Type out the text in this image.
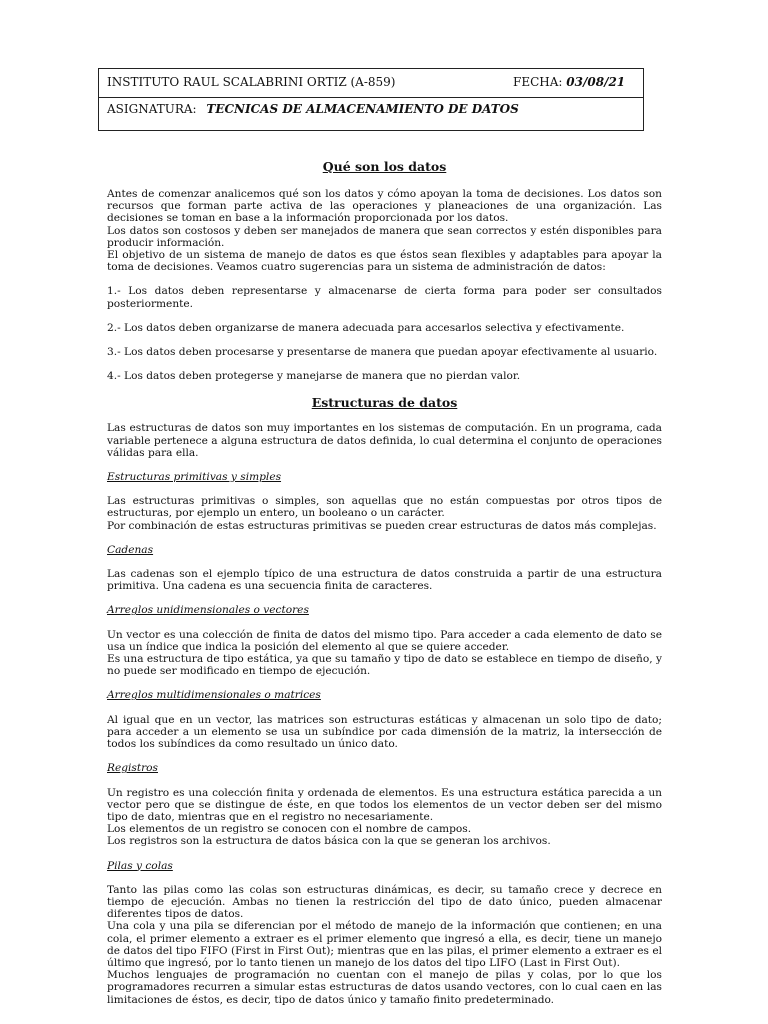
INSTITUTO RAUL SCALABRINI ORTIZ (A-859)	FECHA: 03/08/21
ASIGNATURA: TECNICAS DE ALMACENAMIENTO DE DATOS
Qué son los datos

Antes de comenzar analicemos qué son los datos y cómo apoyan la toma de decisiones. Los datos son recursos que forman parte activa de las operaciones y planeaciones de una organización. Las decisiones se toman en base a la información proporcionada por los datos.

Los datos son costosos y deben ser manejados de manera que sean correctos y estén disponibles para producir información.

El objetivo de un sistema de manejo de datos es que éstos sean flexibles y adaptables para apoyar la toma de decisiones. Veamos cuatro sugerencias para un sistema de administración de datos:

1.- Los datos deben representarse y almacenarse de cierta forma para poder ser consultados posteriormente.

2.- Los datos deben organizarse de manera adecuada para accesarlos selectiva y efectivamente.

3.- Los datos deben procesarse y presentarse de manera que puedan apoyar efectivamente al usuario.

4.- Los datos deben protegerse y manejarse de manera que no pierdan valor.

Estructuras de datos

Las estructuras de datos son muy importantes en los sistemas de computación. En un programa, cada variable pertenece a alguna estructura de datos definida, lo cual determina el conjunto de operaciones válidas para ella.

Estructuras primitivas y simples

Las estructuras primitivas o simples, son aquellas que no están compuestas por otros tipos de estructuras, por ejemplo un entero, un booleano o un carácter.

Por combinación de estas estructuras primitivas se pueden crear estructuras de datos más complejas.

Cadenas

Las cadenas son el ejemplo típico de una estructura de datos construida a partir de una estructura primitiva. Una cadena es una secuencia finita de caracteres.

Arreglos unidimensionales o vectores

Un vector es una colección de finita de datos del mismo tipo. Para acceder a cada elemento de dato se usa un índice que indica la posición del elemento al que se quiere acceder.

Es una estructura de tipo estática, ya que su tamaño y tipo de dato se establece en tiempo de diseño, y no puede ser modificado en tiempo de ejecución.

Arreglos multidimensionales o matrices

Al igual que en un vector, las matrices son estructuras estáticas y almacenan un solo tipo de dato; para acceder a un elemento se usa un subíndice por cada dimensión de la matriz, la intersección de todos los subíndices da como resultado un único dato.

Registros

Un registro es una colección finita y ordenada de elementos. Es una estructura estática parecida a un vector pero que se distingue de éste, en que todos los elementos de un vector deben ser del mismo tipo de dato, mientras que en el registro no necesariamente.

Los elementos de un registro se conocen con el nombre de campos.

Los registros son la estructura de datos básica con la que se generan los archivos.

Pilas y colas

Tanto las pilas como las colas son estructuras dinámicas, es decir, su tamaño crece y decrece en tiempo de ejecución. Ambas no tienen la restricción del tipo de dato único, pueden almacenar diferentes tipos de datos.

Una cola y una pila se diferencian por el método de manejo de la información que contienen; en una cola, el primer elemento a extraer es el primer elemento que ingresó a ella, es decir, tiene un manejo de datos del tipo FIFO (First in First Out); mientras que en las pilas, el primer elemento a extraer es el último que ingresó, por lo tanto tienen un manejo de los datos del tipo LIFO (Last in First Out).

Muchos lenguajes de programación no cuentan con el manejo de pilas y colas, por lo que los programadores recurren a simular estas estructuras de datos usando vectores, con lo cual caen en las limitaciones de éstos, es decir, tipo de datos único y tamaño finito predeterminado.
